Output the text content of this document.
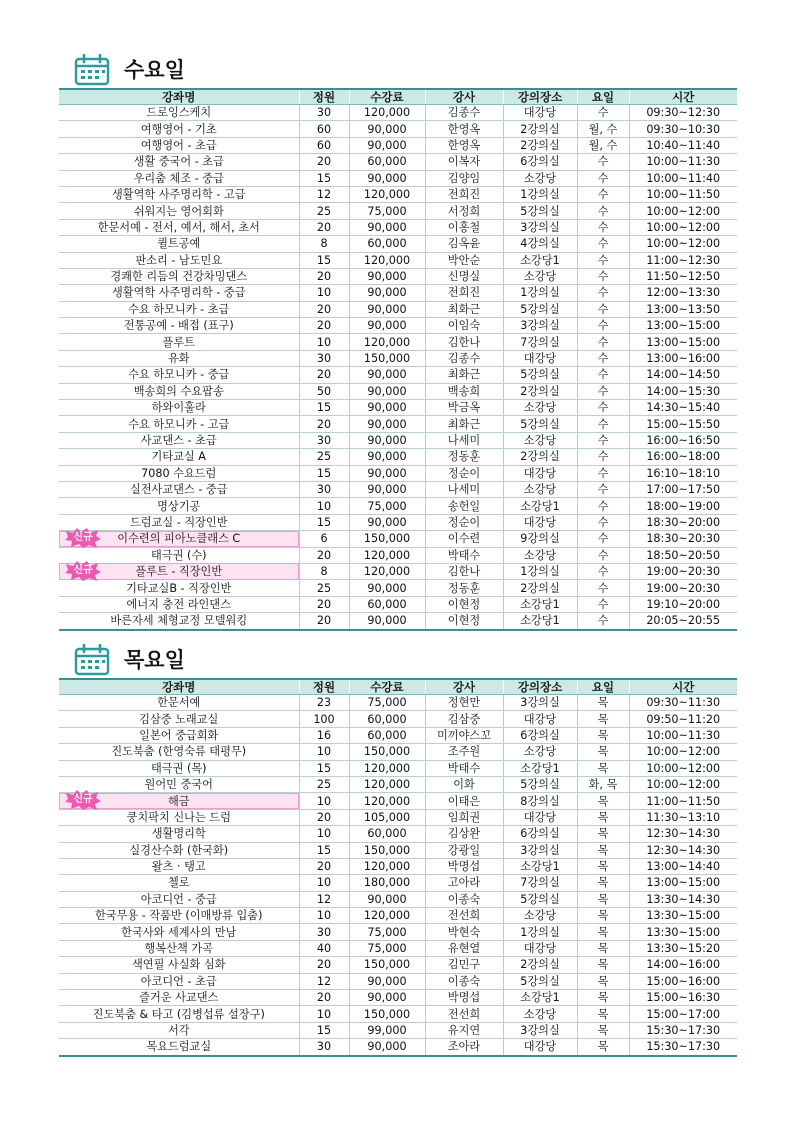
수요일
강좌명	정원	수강료	강사	강의장소	요일	시간
드로잉스케치	30	120,000	김종수	대강당	수	09:30~12:30
여행영어 - 기초	60	90,000	한영옥	2강의실	월, 수	09:30~10:30
여행영어 - 초급	60	90,000	한영옥	2강의실	월, 수	10:40~11:40
생활 중국어 - 초급	20	60,000	이복자	6강의실	수	10:00~11:30
우리춤 체조 - 중급	15	90,000	김양임	소강당	수	10:00~11:40
생활역학 사주명리학 - 고급	12	120,000	전희진	1강의실	수	10:00~11:50
쉬워지는 영어회화	25	75,000	서정희	5강의실	수	10:00~12:00
한문서예 - 전서, 예서, 해서, 초서	20	90,000	이홍철	3강의실	수	10:00~12:00
퀼트공예	8	60,000	김옥윤	4강의실	수	10:00~12:00
판소리 - 남도민요	15	120,000	박안순	소강당1	수	11:00~12:30
경쾌한 리듬의 건강차밍댄스	20	90,000	신명실	소강당	수	11:50~12:50
생활역학 사주명리학 - 중급	10	90,000	전희진	1강의실	수	12:00~13:30
수요 하모니카 - 초급	20	90,000	최화근	5강의실	수	13:00~13:50
전통공예 - 배접 (표구)	20	90,000	이임숙	3강의실	수	13:00~15:00
플루트	10	120,000	김한나	7강의실	수	13:00~15:00
유화	30	150,000	김종수	대강당	수	13:00~16:00
수요 하모니카 - 중급	20	90,000	최화근	5강의실	수	14:00~14:50
백송희의 수요팝송	50	90,000	백송희	2강의실	수	14:00~15:30
하와이훌라	15	90,000	박금옥	소강당	수	14:30~15:40
수요 하모니카 - 고급	20	90,000	최화근	5강의실	수	15:00~15:50
사교댄스 - 초급	30	90,000	나세미	소강당	수	16:00~16:50
기타교실 A	25	90,000	정동훈	2강의실	수	16:00~18:00
7080 수요드럼	15	90,000	정순이	대강당	수	16:10~18:10
실전사교댄스 - 중급	30	90,000	나세미	소강당	수	17:00~17:50
명상기공	10	75,000	송헌일	소강당1	수	18:00~19:00
드럼교실 - 직장인반	15	90,000	정순이	대강당	수	18:30~20:00

신규 이수련의 피아노클래스 C	6	150,000	이수련	9강의실	수	18:30~20:30
태극권 (수)	20	120,000	박태수	소강당	수	18:50~20:50

신규 플루트 - 직장인반	8	120,000	김한나	1강의실	수	19:00~20:30
기타교실B - 직장인반	25	90,000	정동훈	2강의실	수	19:00~20:30
에너지 충전 라인댄스	20	60,000	이현정	소강당1	수	19:10~20:00
바른자세 체형교정 모델워킹	20	90,000	이현정	소강당1	수	20:05~20:55
목요일
강좌명	정원	수강료	강사	강의장소	요일	시간
한문서예	23	75,000	정현만	3강의실	목	09:30~11:30
김삼중 노래교실	100	60,000	김삼중	대강당	목	09:50~11:20
일본어 중급회화	16	60,000	미끼야스꼬	6강의실	목	10:00~11:30
진도북춤 (한영숙류 태평무)	10	150,000	조주원	소강당	목	10:00~12:00
태극권 (목)	15	120,000	박태수	소강당1	목	10:00~12:00
원어민 중국어	25	120,000	이화	5강의실	화, 목	10:00~12:00

신규 해금	10	120,000	이태은	8강의실	목	11:00~11:50
쿵치팍치 신나는 드럼	20	105,000	임희권	대강당	목	11:30~13:10
생활명리학	10	60,000	김상완	6강의실	목	12:30~14:30
실경산수화 (한국화)	15	150,000	강광일	3강의실	목	12:30~14:30
왈츠 · 탱고	20	120,000	박명섭	소강당1	목	13:00~14:40
첼로	10	180,000	고아라	7강의실	목	13:00~15:00
아코디언 - 중급	12	90,000	이종숙	5강의실	목	13:30~14:30
한국무용 - 작품반 (이매방류 입춤)	10	120,000	전선희	소강당	목	13:30~15:00
한국사와 세계사의 만남	30	75,000	박현숙	1강의실	목	13:30~15:00
행복산책 가곡	40	75,000	유현열	대강당	목	13:30~15:20
색연필 사실화 심화	20	150,000	김민구	2강의실	목	14:00~16:00
아코디언 - 초급	12	90,000	이종숙	5강의실	목	15:00~16:00
즐거운 사교댄스	20	90,000	박명섭	소강당1	목	15:00~16:30
진도북춤 & 타고 (김병섭류 설장구)	10	150,000	전선희	소강당	목	15:00~17:00
서각	15	99,000	유지연	3강의실	목	15:30~17:30
목요드럼교실	30	90,000	조아라	대강당	목	15:30~17:30
